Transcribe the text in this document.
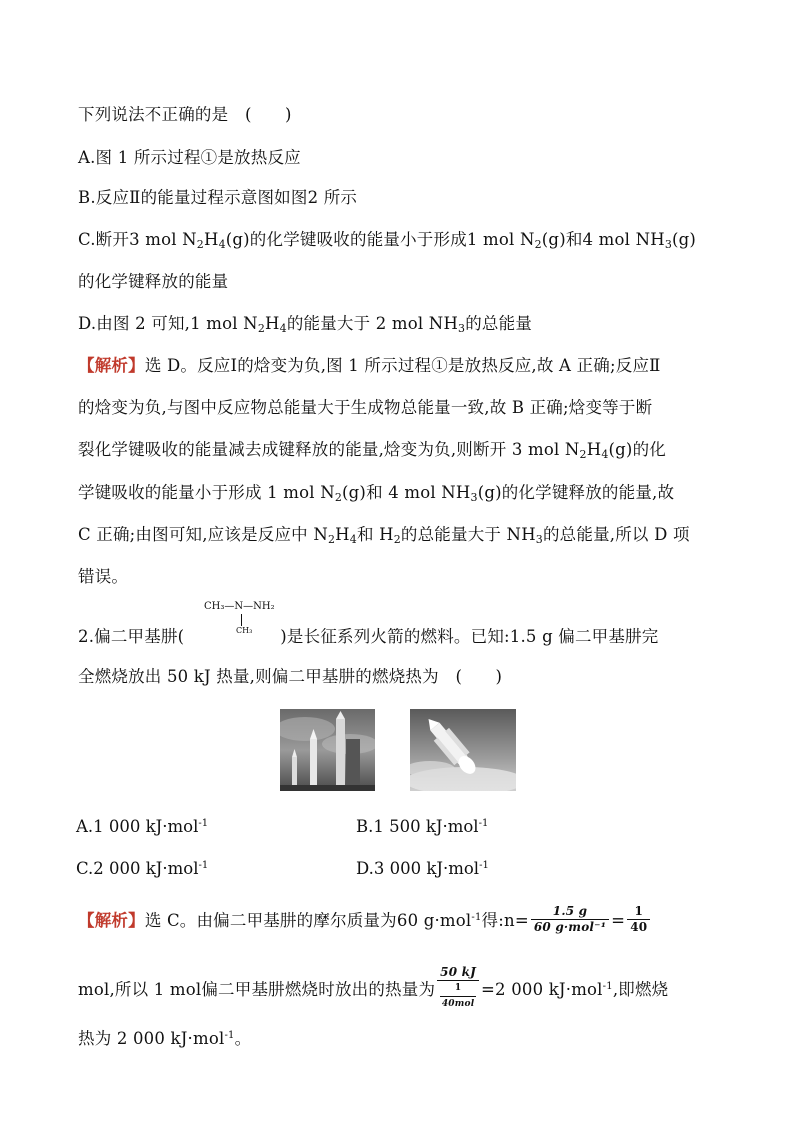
下列说法不正确的是　(　　)
A.图 1 所示过程①是放热反应
B.反应Ⅱ的能量过程示意图如图2 所示
C.断开3 mol $N_2H_4(g)$的化学键吸收的能量小于形成1 mol $N_2(g)$和4 mol $NH_3(g)$
的化学键释放的能量
D.由图 2 可知,1 mol $N_2H_4$的能量大于 2 mol $NH_3$的总能量
【解析】选 D。反应Ⅰ的焓变为负,图 1 所示过程①是放热反应,故 A 正确;反应Ⅱ
的焓变为负,与图中反应物总能量大于生成物总能量一致,故 B 正确;焓变等于断
裂化学键吸收的能量减去成键释放的能量,焓变为负,则断开 3 mol $N_2H_4(g)$的化
学键吸收的能量小于形成 1 mol $N_2(g)$和 4 mol $NH_3(g)$的化学键释放的能量,故
C 正确;由图可知,应该是反应中 $N_2H_4$和 $H_2$的总能量大于 $NH_3$的总能量,所以 D 项
错误。
CH₃—N—NH₂
CH₃
2.偏二甲基肼(	)是长征系列火箭的燃料。已知:1.5 g 偏二甲基肼完
全燃烧放出 50 kJ 热量,则偏二甲基肼的燃烧热为　(　　)
A.1 000 kJ·mol$^{-1}$	B.1 500 kJ·mol$^{-1}$
C.2 000 kJ·mol$^{-1}$	D.3 000 kJ·mol$^{-1}$
【解析】选 C。由偏二甲基肼的摩尔质量为60 g·mol$^{-1}$得:n= $\frac{1.5 g}{\text{60 g·mol⁻¹}} = \frac{1}{40}$
mol,所以 1 mol偏二甲基肼燃烧时放出的热量为 50 kJ
1
40mol =2 000 kJ·mol$^{-1}$,即燃烧
热为 2 000 kJ·mol$^{-1}$。
